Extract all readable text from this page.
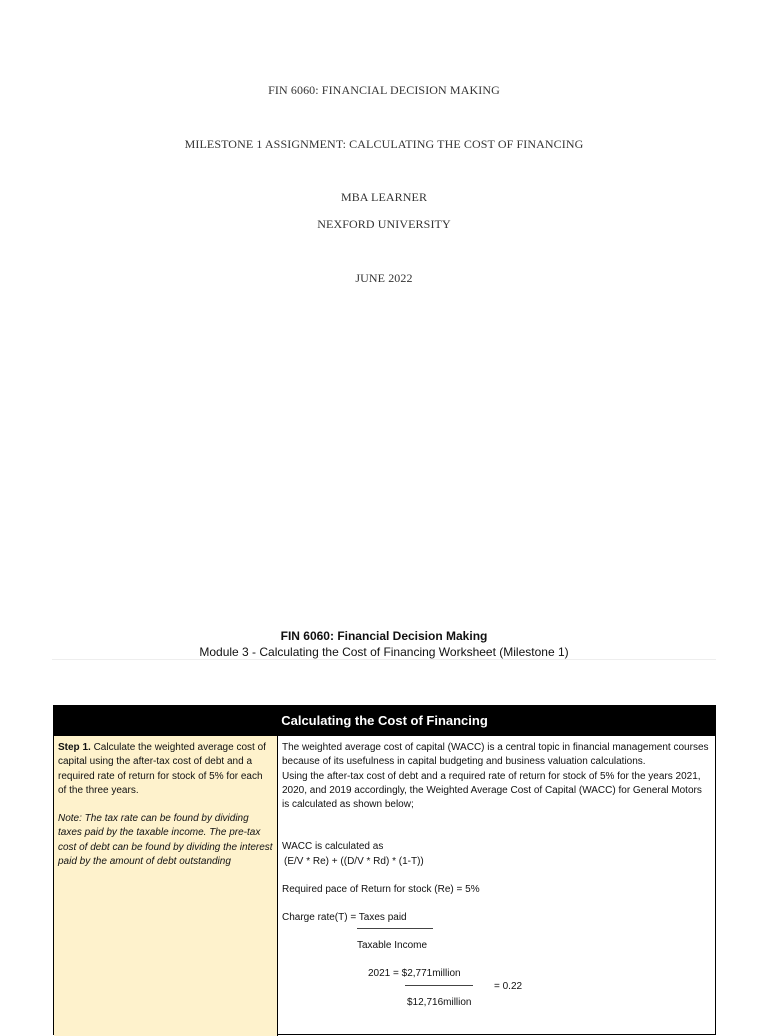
FIN 6060: FINANCIAL DECISION MAKING
MILESTONE 1 ASSIGNMENT: CALCULATING THE COST OF FINANCING
MBA LEARNER
NEXFORD UNIVERSITY
JUNE 2022
FIN 6060: Financial Decision Making
Module 3 - Calculating the Cost of Financing Worksheet (Milestone 1)
Calculating the Cost of Financing

Step 1. Calculate the weighted average cost of capital using the after-tax cost of debt and a required rate of return for stock of 5% for each of the three years.

Note: The tax rate can be found by dividing taxes paid by the taxable income. The pre-tax cost of debt can be found by dividing the interest paid by the amount of debt outstanding

The weighted average cost of capital (WACC) is a central topic in financial management courses because of its usefulness in capital budgeting and business valuation calculations.

Using the after-tax cost of debt and a required rate of return for stock of 5% for the years 2021, 2020, and 2019 accordingly, the Weighted Average Cost of Capital (WACC) for General Motors is calculated as shown below;

WACC is calculated as

(E/V * Re) + ((D/V * Rd) * (1-T))

Required pace of Return for stock (Re) = 5%

Charge rate(T) = Taxes paid

Taxable Income
2021 = $2,771million
= 0.22
$12,716million
